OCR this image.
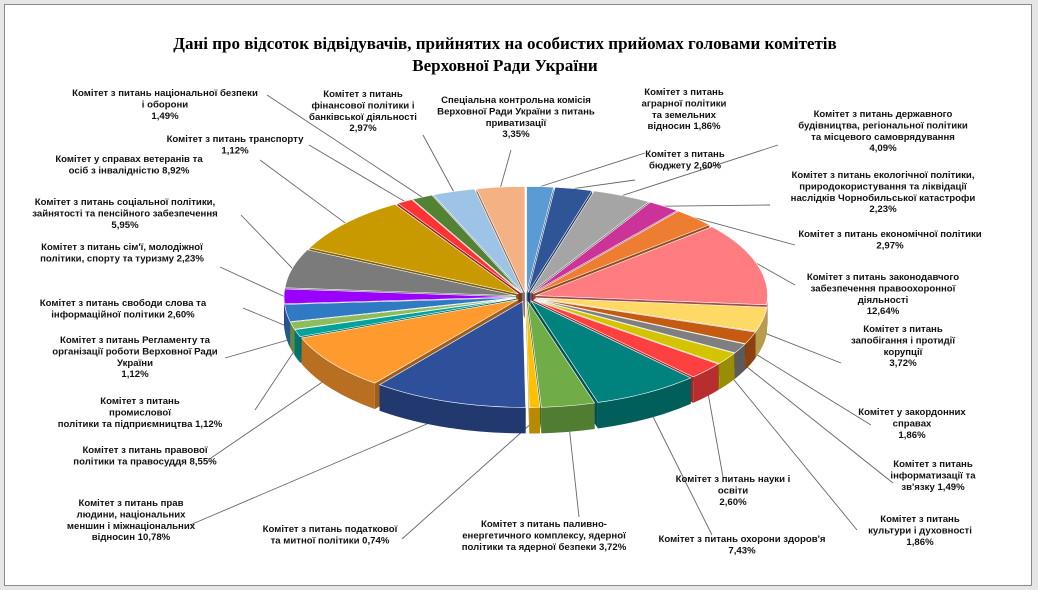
Дані про відсоток відвідувачів, прийнятих на особистих прийомах головами комітетів
Верховної Ради України
Комітет з питань аграрної політики та земельних відносин 1,86%
Комітет з питань бюджету 2,60%
Комітет з питань державного будівництва, регіональної політики та місцевого самоврядування 4,09%
Комітет з питань екологічної політики, природокористування та ліквідації наслідків Чорнобильської катастрофи 2,23%
Комітет з питань економічної політики 2,97%
Комітет з питань законодавчого забезпечення правоохоронної діяльності 12,64%
Комітет з питань запобігання і протидії корупції 3,72%
Комітет у закордонних справах 1,86%
Комітет з питань інформатизації та зв'язку 1,49%
Комітет з питань культури і духовності 1,86%
Комітет з питань науки і освіти 2,60%
Комітет з питань охорони здоров'я 7,43%
Комітет з питань паливно-енергетичного комплексу, ядерної політики та ядерної безпеки 3,72%
Комітет з питань податкової та митної політики 0,74%
Комітет з питань прав людини, національних меншин і міжнаціональних відносин 10,78%
Комітет з питань правової політики та правосуддя 8,55%
Комітет з питань промислової політики та підприємництва 1,12%
Комітет з питань Регламенту та організації роботи Верховної Ради України 1,12%
Комітет з питань свободи слова та інформаційної політики 2,60%
Комітет з питань сім'ї, молодіжної політики, спорту та туризму 2,23%
Комітет з питань соціальної політики, зайнятості та пенсійного забезпечення 5,95%
Комітет у справах ветеранів та осіб з інвалідністю 8,92%
Комітет з питань транспорту 1,12%
Комітет з питань національної безпеки і оборони 1,49%
Комітет з питань фінансової політики і банківської діяльності 2,97%
Спеціальна контрольна комісія Верховної Ради України з питань приватизації 3,35%
